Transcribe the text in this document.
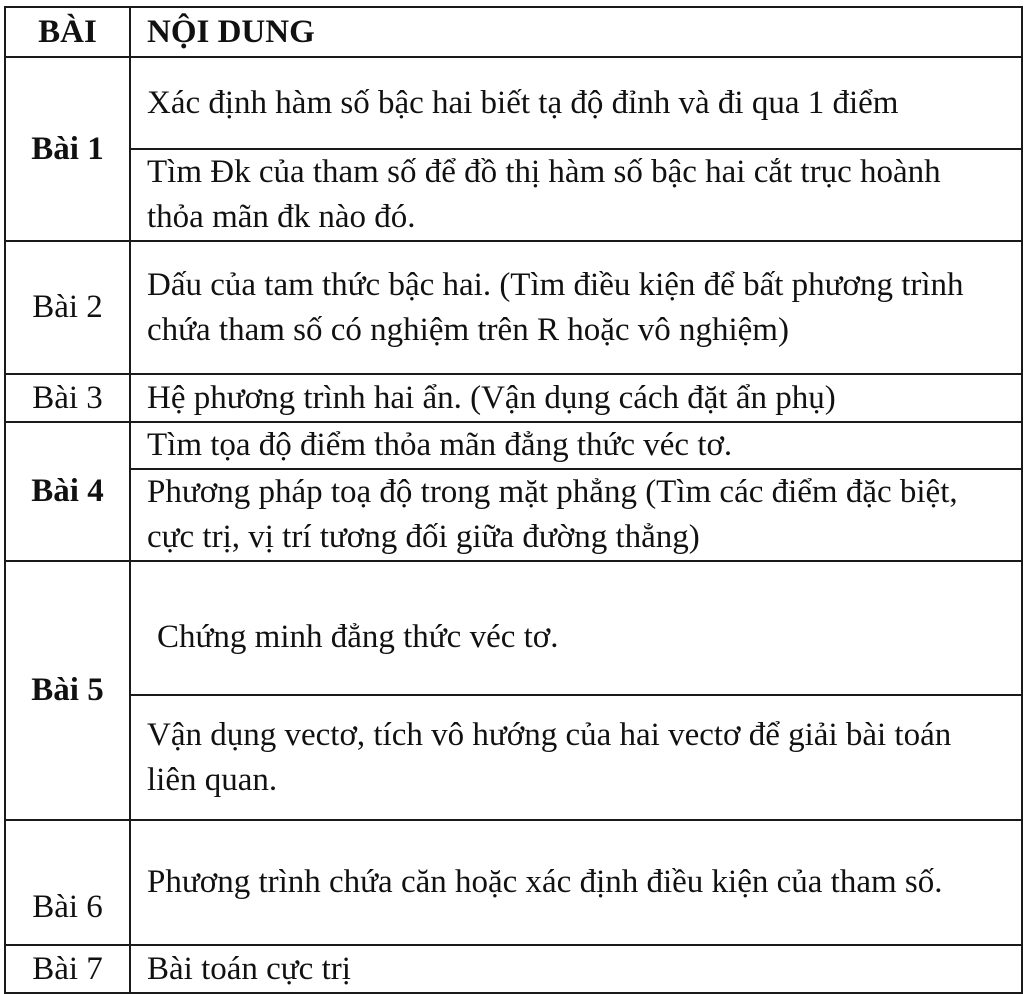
BÀI	NỘI DUNG
Bài 1	Xác định hàm số bậc hai biết tạ độ đỉnh và đi qua 1 điểm
	Tìm Đk của tham số để đồ thị hàm số bậc hai cắt trục hoành thỏa mãn đk nào đó.
Bài 2	Dấu của tam thức bậc hai. (Tìm điều kiện để bất phương trình chứa tham số có nghiệm trên R hoặc vô nghiệm)
Bài 3	Hệ phương trình hai ẩn. (Vận dụng cách đặt ẩn phụ)
Bài 4	Tìm tọa độ điểm thỏa mãn đẳng thức véc tơ.
	Phương pháp toạ độ trong mặt phẳng (Tìm các điểm đặc biệt, cực trị, vị trí tương đối giữa đường thẳng)
Bài 5	Chứng minh đẳng thức véc tơ.
	Vận dụng vectơ, tích vô hướng của hai vectơ để giải bài toán liên quan.
Bài 6	Phương trình chứa căn hoặc xác định điều kiện của tham số.
Bài 7	Bài toán cực trị
